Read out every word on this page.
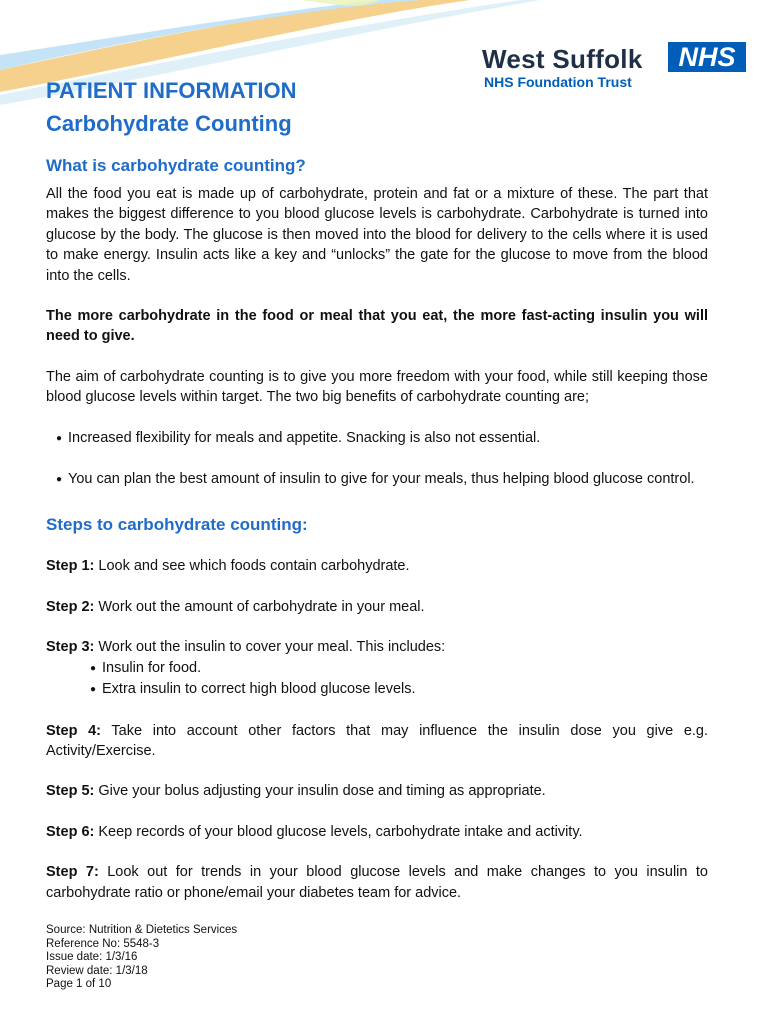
West Suffolk	NHS
NHS Foundation Trust
PATIENT INFORMATION
Carbohydrate Counting
What is carbohydrate counting?

All the food you eat is made up of carbohydrate, protein and fat or a mixture of these. The part that makes the biggest difference to you blood glucose levels is carbohydrate. Carbohydrate is turned into glucose by the body. The glucose is then moved into the blood for delivery to the cells where it is used to make energy. Insulin acts like a key and “unlocks” the gate for the glucose to move from the blood into the cells.

The more carbohydrate in the food or meal that you eat, the more fast-acting insulin you will need to give.

The aim of carbohydrate counting is to give you more freedom with your food, while still keeping those blood glucose levels within target. The two big benefits of carbohydrate counting are;

● Increased flexibility for meals and appetite. Snacking is also not essential.

● You can plan the best amount of insulin to give for your meals, thus helping blood glucose control.

Steps to carbohydrate counting:

Step 1: Look and see which foods contain carbohydrate.

Step 2: Work out the amount of carbohydrate in your meal.

Step 3: Work out the insulin to cover your meal. This includes:

● Insulin for food.
● Extra insulin to correct high blood glucose levels.

Step 4: Take into account other factors that may influence the insulin dose you give e.g. Activity/Exercise.

Step 5: Give your bolus adjusting your insulin dose and timing as appropriate.

Step 6: Keep records of your blood glucose levels, carbohydrate intake and activity.

Step 7: Look out for trends in your blood glucose levels and make changes to you insulin to carbohydrate ratio or phone/email your diabetes team for advice.

Source: Nutrition & Dietetics Services
Reference No: 5548-3
Issue date: 1/3/16
Review date: 1/3/18
Page 1 of 10
